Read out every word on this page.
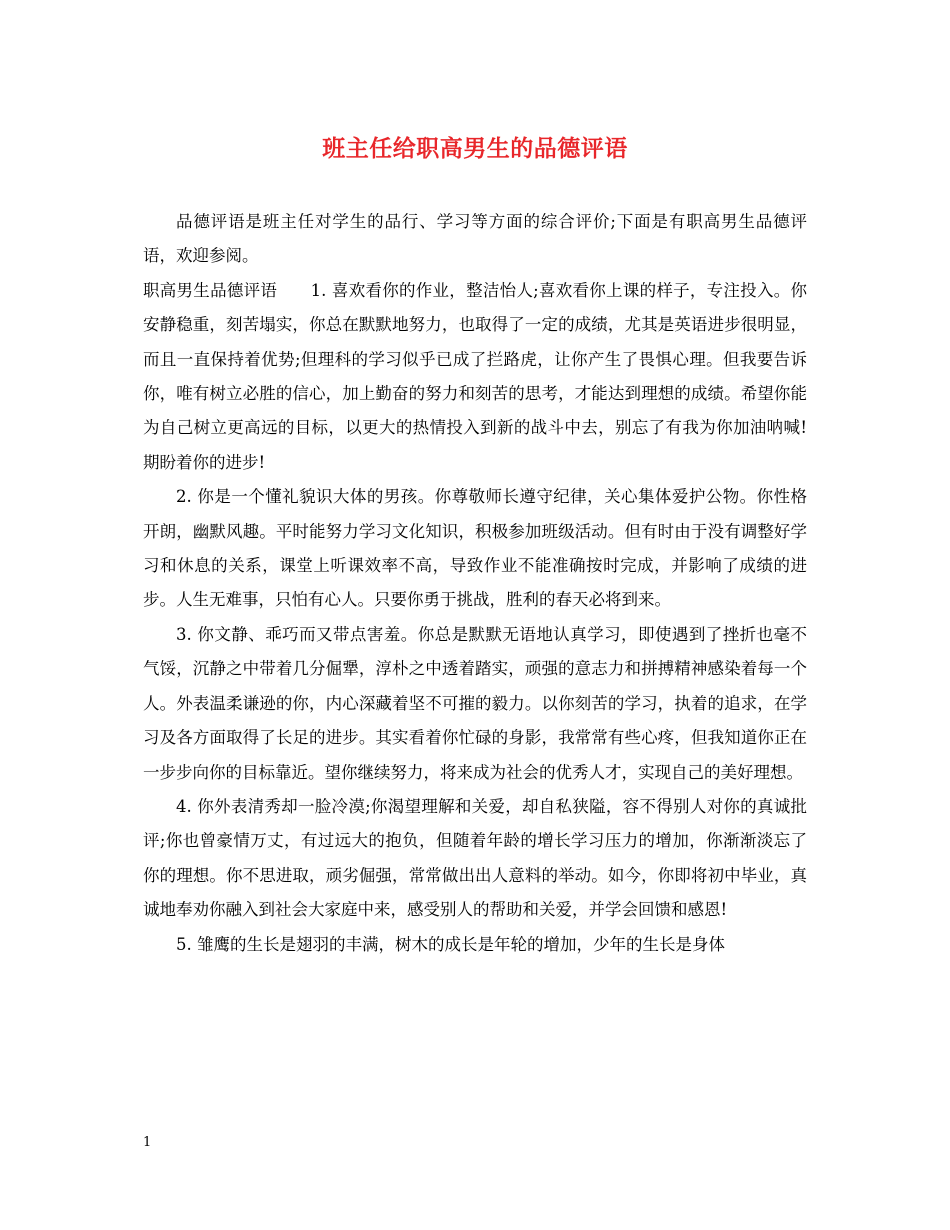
班主任给职高男生的品德评语

品德评语是班主任对学生的品行、学习等方面的综合评价;下面是有职高男生品德评语，欢迎参阅。

职高男生品德评语　　1. 喜欢看你的作业，整洁怡人;喜欢看你上课的样子，专注投入。你安静稳重，刻苦塌实，你总在默默地努力，也取得了一定的成绩，尤其是英语进步很明显，而且一直保持着优势;但理科的学习似乎已成了拦路虎，让你产生了畏惧心理。但我要告诉你，唯有树立必胜的信心，加上勤奋的努力和刻苦的思考，才能达到理想的成绩。希望你能为自己树立更高远的目标，以更大的热情投入到新的战斗中去，别忘了有我为你加油呐喊!期盼着你的进步!

2. 你是一个懂礼貌识大体的男孩。你尊敬师长遵守纪律，关心集体爱护公物。你性格开朗，幽默风趣。平时能努力学习文化知识，积极参加班级活动。但有时由于没有调整好学习和休息的关系，课堂上听课效率不高，导致作业不能准确按时完成，并影响了成绩的进步。人生无难事，只怕有心人。只要你勇于挑战，胜利的春天必将到来。

3. 你文静、乖巧而又带点害羞。你总是默默无语地认真学习，即使遇到了挫折也毫不气馁，沉静之中带着几分倔犟，淳朴之中透着踏实，顽强的意志力和拼搏精神感染着每一个人。外表温柔谦逊的你，内心深藏着坚不可摧的毅力。以你刻苦的学习，执着的追求，在学习及各方面取得了长足的进步。其实看着你忙碌的身影，我常常有些心疼，但我知道你正在一步步向你的目标靠近。望你继续努力，将来成为社会的优秀人才，实现自己的美好理想。

4. 你外表清秀却一脸冷漠;你渴望理解和关爱，却自私狭隘，容不得别人对你的真诚批评;你也曾豪情万丈，有过远大的抱负，但随着年龄的增长学习压力的增加，你渐渐淡忘了你的理想。你不思进取，顽劣倔强，常常做出出人意料的举动。如今，你即将初中毕业，真诚地奉劝你融入到社会大家庭中来，感受别人的帮助和关爱，并学会回馈和感恩!

5. 雏鹰的生长是翅羽的丰满，树木的成长是年轮的增加，少年的生长是身体

1
